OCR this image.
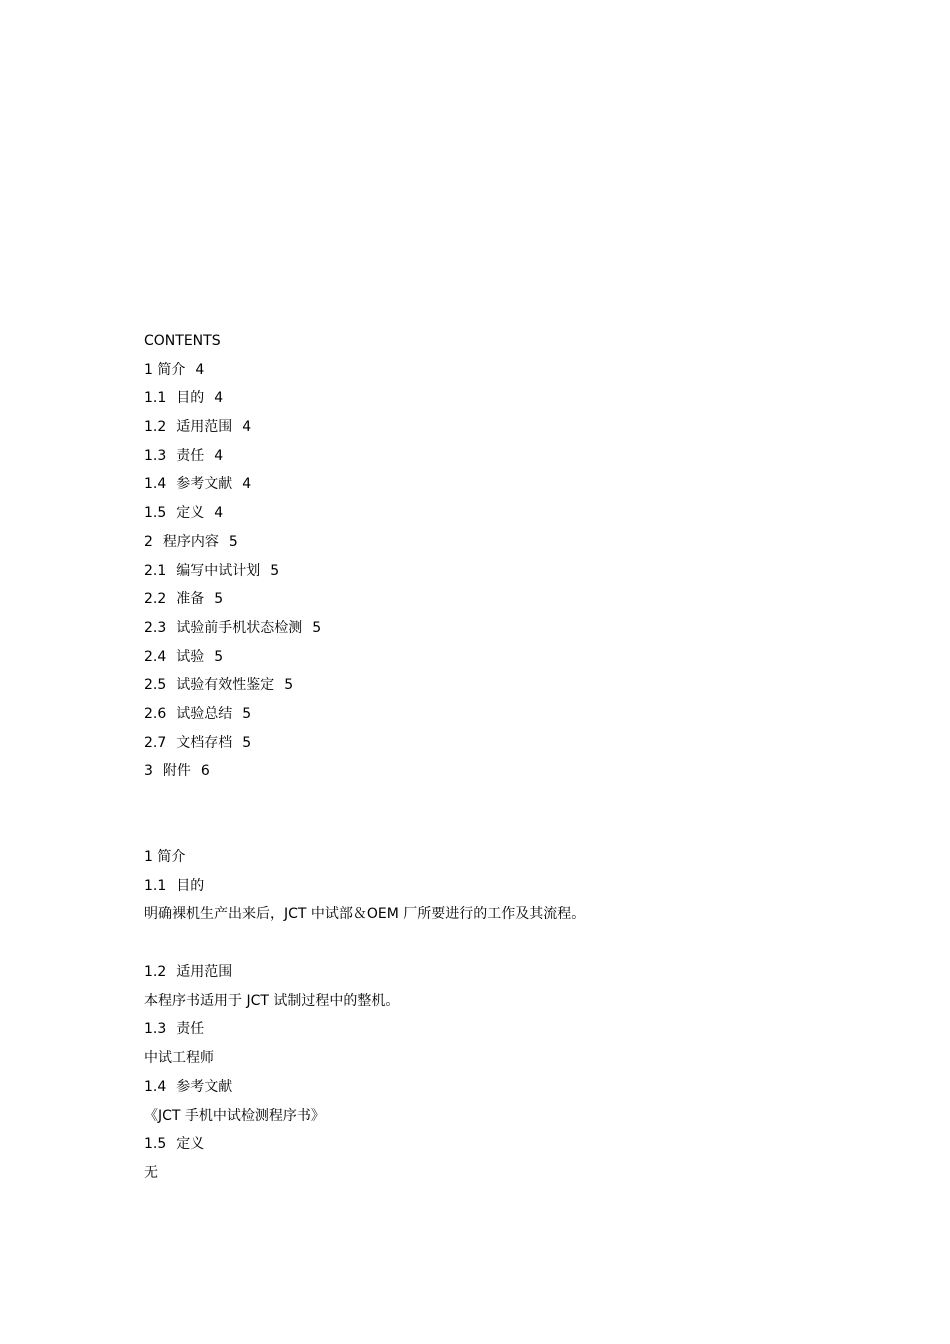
CONTENTS
1 简介 4
1.1 目的 4
1.2 适用范围 4
1.3 责任 4
1.4 参考文献 4
1.5 定义 4
2 程序内容 5
2.1 编写中试计划 5
2.2 准备 5
2.3 试验前手机状态检测 5
2.4 试验 5
2.5 试验有效性鉴定 5
2.6 试验总结 5
2.7 文档存档 5
3 附件 6
1 简介
1.1 目的
明确裸机生产出来后，JCT 中试部＆OEM 厂所要进行的工作及其流程。
1.2 适用范围
本程序书适用于 JCT 试制过程中的整机。
1.3 责任
中试工程师
1.4 参考文献
《JCT 手机中试检测程序书》
1.5 定义
无
